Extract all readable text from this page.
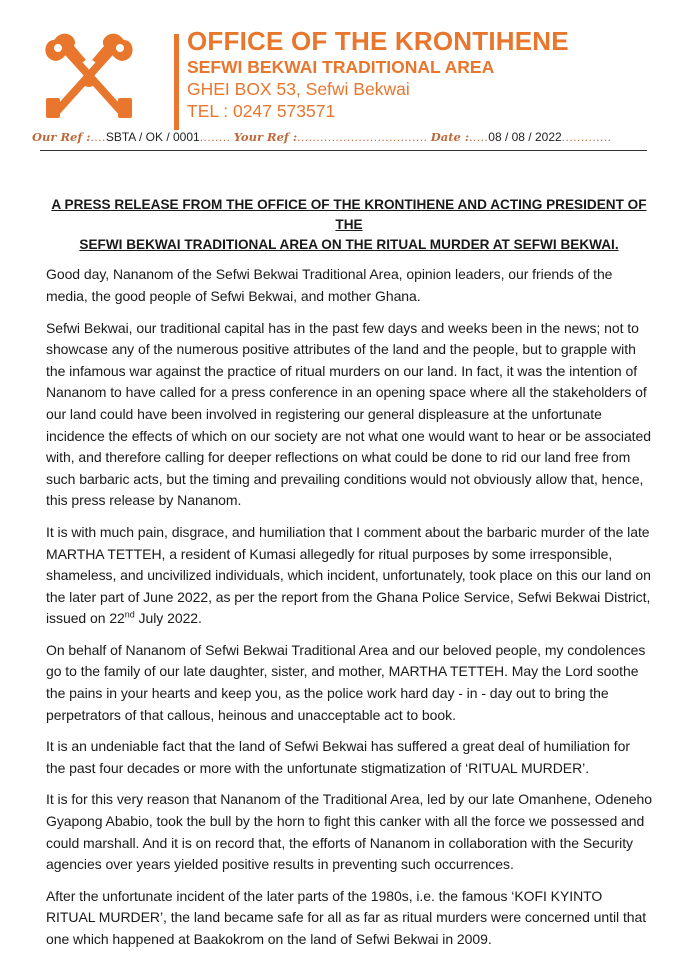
OFFICE OF THE KRONTIHENE
SEFWI BEKWAI TRADITIONAL AREA
GHEI BOX 53, Sefwi Bekwai
TEL : 0247 573571
Our Ref :....SBTA / OK / 0001........ Your Ref :.................................. Date :.....08 / 08 / 2022.............
A PRESS RELEASE FROM THE OFFICE OF THE KRONTIHENE AND ACTING PRESIDENT OF THE
SEFWI BEKWAI TRADITIONAL AREA ON THE RITUAL MURDER AT SEFWI BEKWAI.

Good day, Nananom of the Sefwi Bekwai Traditional Area, opinion leaders, our friends of the media, the good people of Sefwi Bekwai, and mother Ghana.

Sefwi Bekwai, our traditional capital has in the past few days and weeks been in the news; not to showcase any of the numerous positive attributes of the land and the people, but to grapple with the infamous war against the practice of ritual murders on our land. In fact, it was the intention of Nananom to have called for a press conference in an opening space where all the stakeholders of our land could have been involved in registering our general displeasure at the unfortunate incidence the effects of which on our society are not what one would want to hear or be associated with, and therefore calling for deeper reflections on what could be done to rid our land free from such barbaric acts, but the timing and prevailing conditions would not obviously allow that, hence, this press release by Nananom.

It is with much pain, disgrace, and humiliation that I comment about the barbaric murder of the late MARTHA TETTEH, a resident of Kumasi allegedly for ritual purposes by some irresponsible, shameless, and uncivilized individuals, which incident, unfortunately, took place on this our land on the later part of June 2022, as per the report from the Ghana Police Service, Sefwi Bekwai District, issued on 22nd July 2022.

On behalf of Nananom of Sefwi Bekwai Traditional Area and our beloved people, my condolences go to the family of our late daughter, sister, and mother, MARTHA TETTEH. May the Lord soothe the pains in your hearts and keep you, as the police work hard day - in - day out to bring the perpetrators of that callous, heinous and unacceptable act to book.

It is an undeniable fact that the land of Sefwi Bekwai has suffered a great deal of humiliation for the past four decades or more with the unfortunate stigmatization of ‘RITUAL MURDER’.

It is for this very reason that Nananom of the Traditional Area, led by our late Omanhene, Odeneho Gyapong Ababio, took the bull by the horn to fight this canker with all the force we possessed and could marshall. And it is on record that, the efforts of Nananom in collaboration with the Security agencies over years yielded positive results in preventing such occurrences.

After the unfortunate incident of the later parts of the 1980s, i.e. the famous ‘KOFI KYINTO RITUAL MURDER’, the land became safe for all as far as ritual murders were concerned until that one which happened at Baakokrom on the land of Sefwi Bekwai in 2009.
